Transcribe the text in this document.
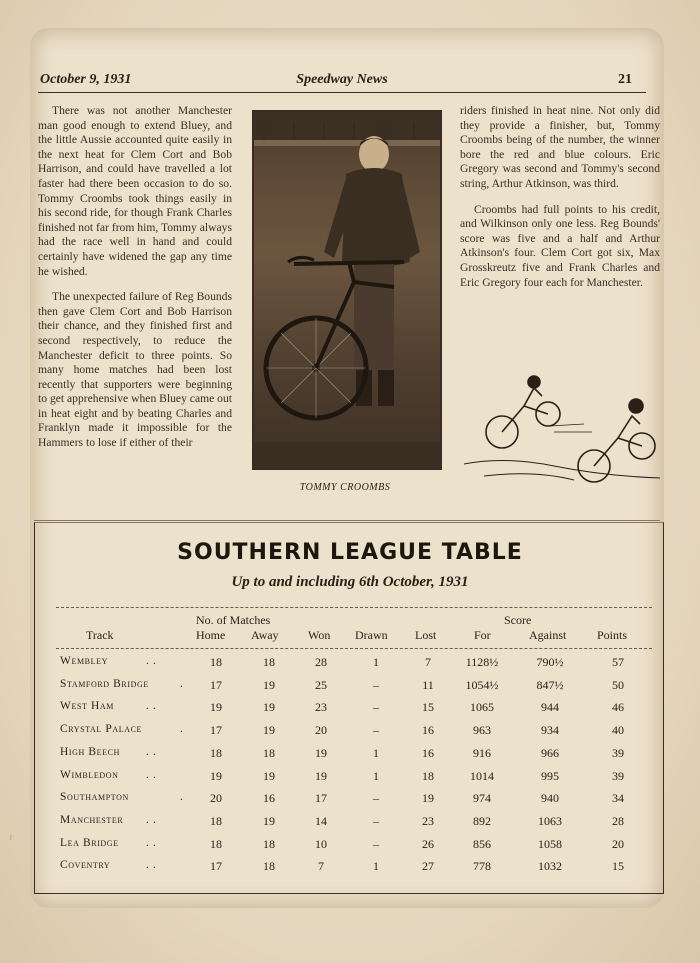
October 9, 1931	Speedway News	21

There was not another Manchester man good enough to extend Bluey, and the little Aussie accounted quite easily in the next heat for Clem Cort and Bob Harrison, and could have travelled a lot faster had there been occasion to do so. Tommy Croombs took things easily in his second ride, for though Frank Charles finished not far from him, Tommy always had the race well in hand and could certainly have widened the gap any time he wished.

The unexpected failure of Reg Bounds then gave Clem Cort and Bob Harrison their chance, and they finished first and second respectively, to reduce the Manchester deficit to three points. So many home matches had been lost recently that supporters were beginning to get apprehensive when Bluey came out in heat eight and by beating Charles and Franklyn made it impossible for the Hammers to lose if either of their

TOMMY CROOMBS

riders finished in heat nine. Not only did they provide a finisher, but, Tommy Croombs being of the number, the winner bore the red and blue colours. Eric Gregory was second and Tommy's second string, Arthur Atkinson, was third.

Croombs had full points to his credit, and Wilkinson only one less. Reg Bounds' score was five and a half and Arthur Atkinson's four. Clem Cort got six, Max Grosskreutz five and Frank Charles and Eric Gregory four each for Manchester.

SOUTHERN LEAGUE TABLE
Up to and including 6th October, 1931
No. of Matches	Score
Track	Home Away Won Drawn Lost	For	Against	Points
Wembley	. .	18	18	28	1	7	1128½	790½	57
Stamford Bridge	.	17	19	25	–	11	1054½	847½	50
West Ham	. .	19	19	23	–	15	1065	944	46
Crystal Palace	.	17	19	20	–	16	963	934	40
High Beech . .	18	18	19	1	16	916	966	39
Wimbledon . .	19	19	19	1	18	1014	995	39
Southampton	.	20	16	17	–	19	974	940	34
Manchester . .	18	19	14	–	23	892	1063	28
Lea Bridge . .	18	18	10	–	26	856	1058	20
Coventry	. .	17	18	7	1	27	778	1032	15
~
